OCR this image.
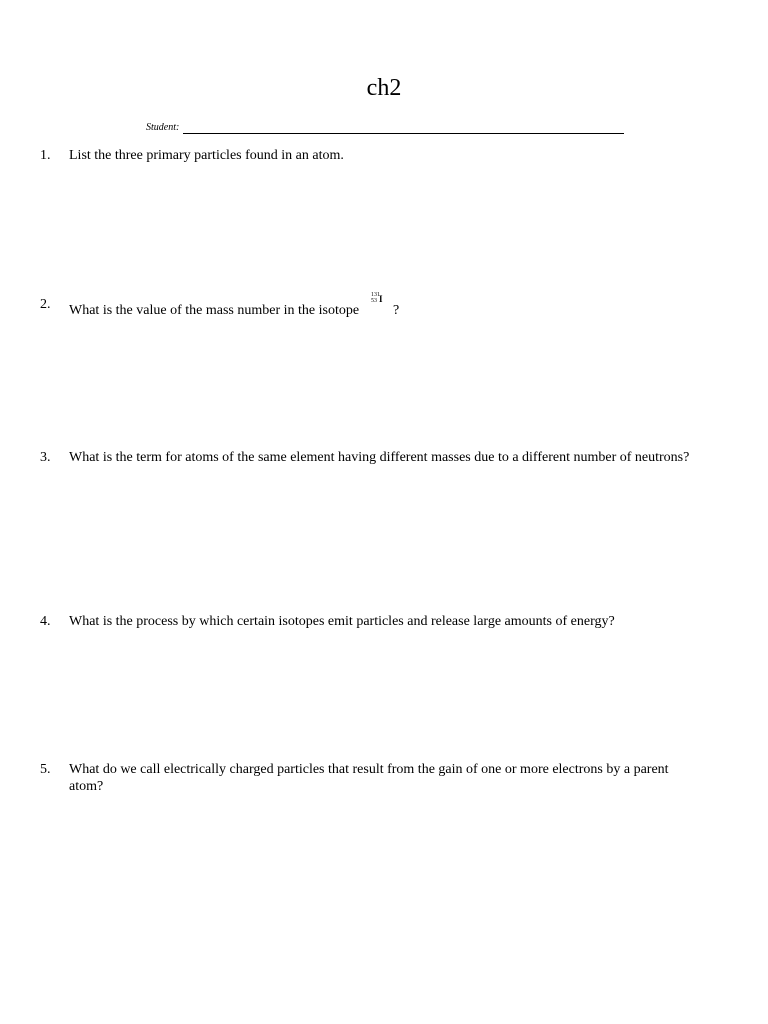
ch2
Student:
1.	List the three primary particles found in an atom.
2.	What is the value of the mass number in the isotope
131
53 I
?
3.	What is the term for atoms of the same element having different masses due to a different number of neutrons?
4.	What is the process by which certain isotopes emit particles and release large amounts of energy?
5.	What do we call electrically charged particles that result from the gain of one or more electrons by a parent atom?
